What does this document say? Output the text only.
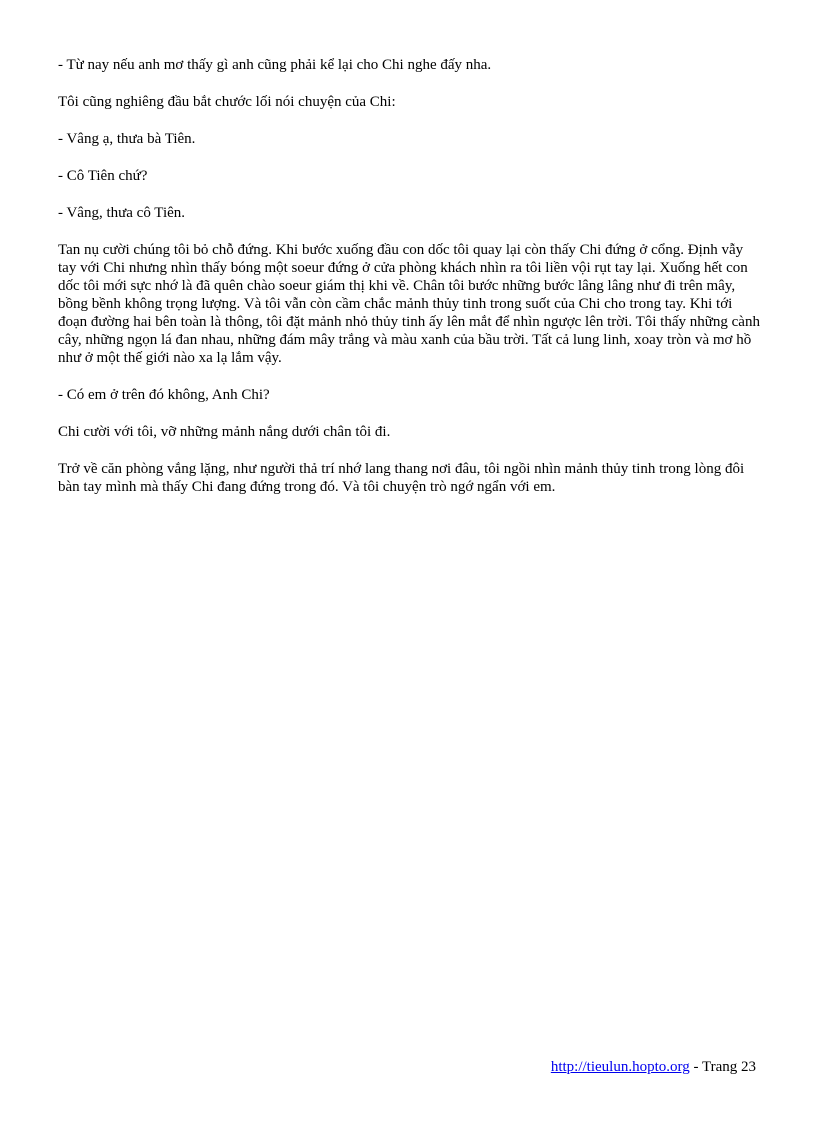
- Từ nay nếu anh mơ thấy gì anh cũng phải kể lại cho Chi nghe đấy nha.

Tôi cũng nghiêng đầu bắt chước lối nói chuyện của Chi:

- Vâng ạ, thưa bà Tiên.

- Cô Tiên chứ?

- Vâng, thưa cô Tiên.

Tan nụ cười chúng tôi bỏ chỗ đứng. Khi bước xuống đầu con dốc tôi quay lại còn thấy Chi đứng ở cổng. Định vẫy tay với Chi nhưng nhìn thấy bóng một soeur đứng ở cửa phòng khách nhìn ra tôi liền vội rụt tay lại. Xuống hết con dốc tôi mới sực nhớ là đã quên chào soeur giám thị khi về. Chân tôi bước những bước lâng lâng như đi trên mây, bồng bềnh không trọng lượng. Và tôi vẫn còn cầm chắc mảnh thủy tinh trong suốt của Chi cho trong tay. Khi tới đoạn đường hai bên toàn là thông, tôi đặt mảnh nhỏ thủy tinh ấy lên mắt để nhìn ngược lên trời. Tôi thấy những cành cây, những ngọn lá đan nhau, những đám mây trắng và màu xanh của bầu trời. Tất cả lung linh, xoay tròn và mơ hồ như ở một thế giới nào xa lạ lắm vậy.

- Có em ở trên đó không, Anh Chi?

Chi cười với tôi, vỡ những mảnh nắng dưới chân tôi đi.

Trở về căn phòng vắng lặng, như người thả trí nhớ lang thang nơi đâu, tôi ngồi nhìn mảnh thủy tinh trong lòng đôi bàn tay mình mà thấy Chi đang đứng trong đó. Và tôi chuyện trò ngớ ngẩn với em.

http://tieulun.hopto.org - Trang 23
